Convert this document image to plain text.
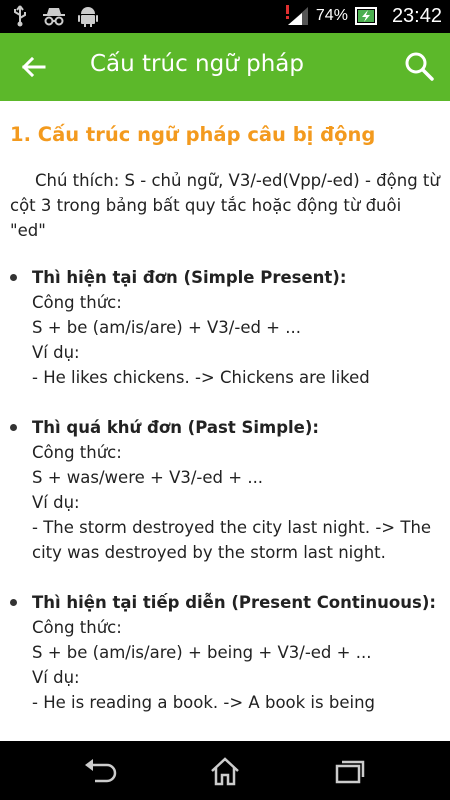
74% 23:42
Cấu trúc ngữ pháp
1. Cấu trúc ngữ pháp câu bị động
Chú thích: S - chủ ngữ, V3/-ed(Vpp/-ed) - động từ cột 3 trong bảng bất quy tắc hoặc động từ đuôi "ed"
Thì hiện tại đơn (Simple Present):
Công thức:
S + be (am/is/are) + V3/-ed + ...
Ví dụ:
- He likes chickens. -> Chickens are liked
Thì quá khứ đơn (Past Simple):
Công thức:
S + was/were + V3/-ed + ...
Ví dụ:
- The storm destroyed the city last night. -> The city was destroyed by the storm last night.
Thì hiện tại tiếp diễn (Present Continuous):
Công thức:
S + be (am/is/are) + being + V3/-ed + ...
Ví dụ:
- He is reading a book. -> A book is being
